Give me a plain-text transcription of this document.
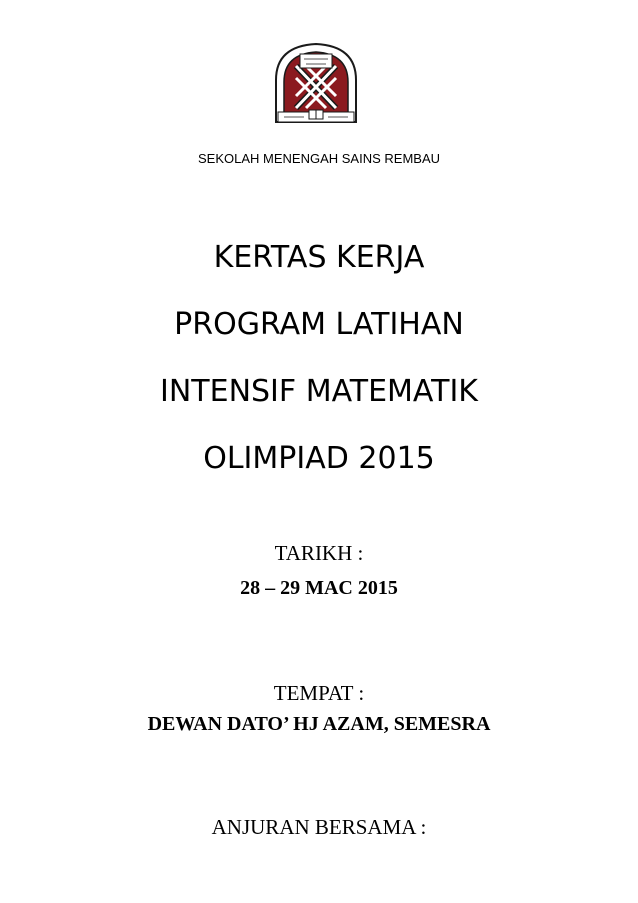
SEKOLAH MENENGAH SAINS REMBAU
KERTAS KERJA
PROGRAM LATIHAN
INTENSIF MATEMATIK
OLIMPIAD 2015
TARIKH :
28 – 29 MAC 2015
TEMPAT :
DEWAN DATO’ HJ AZAM, SEMESRA
ANJURAN BERSAMA :
